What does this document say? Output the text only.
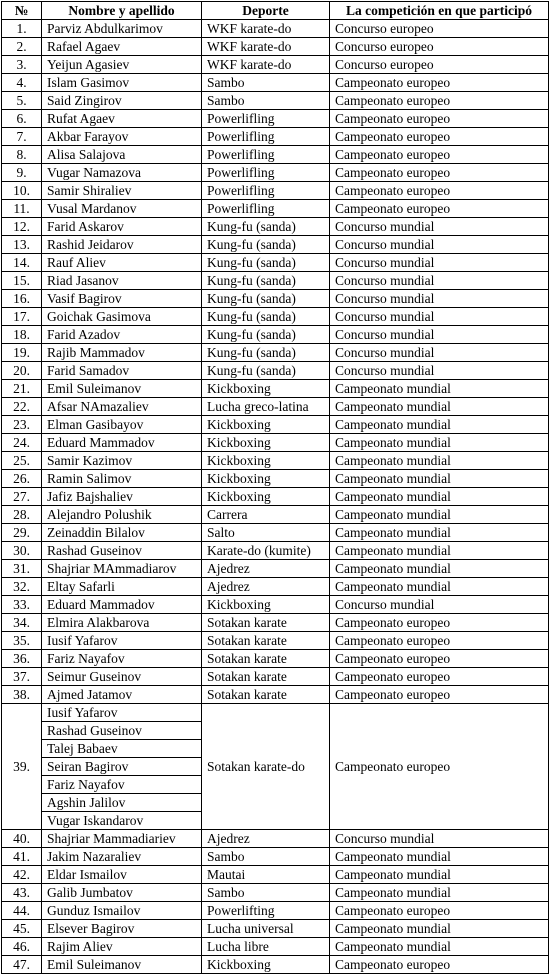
№	Nombre y apellido	Deporte	La competición en que participó
1.	Parviz Abdulkarimov	WKF karate-do	Concurso europeo
2.	Rafael Agaev	WKF karate-do	Concurso europeo
3.	Yeijun Agasiev	WKF karate-do	Concurso europeo
4.	Islam Gasimov	Sambo	Campeonato europeo
5.	Said Zingirov	Sambo	Campeonato europeo
6.	Rufat Agaev	Powerlifling	Campeonato europeo
7.	Akbar Farayov	Powerlifling	Campeonato europeo
8.	Alisa Salajova	Powerlifling	Campeonato europeo
9.	Vugar Namazova	Powerlifling	Campeonato europeo
10.	Samir Shiraliev	Powerlifling	Campeonato europeo
11.	Vusal Mardanov	Powerlifling	Campeonato europeo
12.	Farid Askarov	Kung-fu (sanda)	Concurso mundial
13.	Rashid Jeidarov	Kung-fu (sanda)	Concurso mundial
14.	Rauf Aliev	Kung-fu (sanda)	Concurso mundial
15.	Riad Jasanov	Kung-fu (sanda)	Concurso mundial
16.	Vasif Bagirov	Kung-fu (sanda)	Concurso mundial
17.	Goichak Gasimova	Kung-fu (sanda)	Concurso mundial
18.	Farid Azadov	Kung-fu (sanda)	Concurso mundial
19.	Rajib Mammadov	Kung-fu (sanda)	Concurso mundial
20.	Farid Samadov	Kung-fu (sanda)	Concurso mundial
21.	Emil Suleimanov	Kickboxing	Campeonato mundial
22.	Afsar NAmazaliev	Lucha greco-latina	Campeonato mundial
23.	Elman Gasibayov	Kickboxing	Campeonato mundial
24.	Eduard Mammadov	Kickboxing	Campeonato mundial
25.	Samir Kazimov	Kickboxing	Campeonato mundial
26.	Ramin Salimov	Kickboxing	Campeonato mundial
27.	Jafiz Bajshaliev	Kickboxing	Campeonato mundial
28.	Alejandro Polushik	Carrera	Campeonato mundial
29.	Zeinaddin Bilalov	Salto	Campeonato mundial
30.	Rashad Guseinov	Karate-do (kumite)	Campeonato mundial
31.	Shajriar MAmmadiarov	Ajedrez	Campeonato mundial
32.	Eltay Safarli	Ajedrez	Campeonato mundial
33.	Eduard Mammadov	Kickboxing	Concurso mundial
34.	Elmira Alakbarova	Sotakan karate	Campeonato europeo
35.	Iusif Yafarov	Sotakan karate	Campeonato europeo
36.	Fariz Nayafov	Sotakan karate	Campeonato europeo
37.	Seimur Guseinov	Sotakan karate	Campeonato europeo
38.	Ajmed Jatamov	Sotakan karate	Campeonato europeo
39.	Iusif Yafarov	Sotakan karate-do	Campeonato europeo
	Rashad Guseinov		
	Talej Babaev		
	Seiran Bagirov		
	Fariz Nayafov		
	Agshin Jalilov		
	Vugar Iskandarov		
40.	Shajriar Mammadiariev	Ajedrez	Concurso mundial
41.	Jakim Nazaraliev	Sambo	Campeonato mundial
42.	Eldar Ismailov	Mautai	Campeonato mundial
43.	Galib Jumbatov	Sambo	Campeonato mundial
44.	Gunduz Ismailov	Powerlifting	Campeonato europeo
45.	Elsever Bagirov	Lucha universal	Campeonato mundial
46.	Rajim Aliev	Lucha libre	Campeonato mundial
47.	Emil Suleimanov	Kickboxing	Campeonato europeo
